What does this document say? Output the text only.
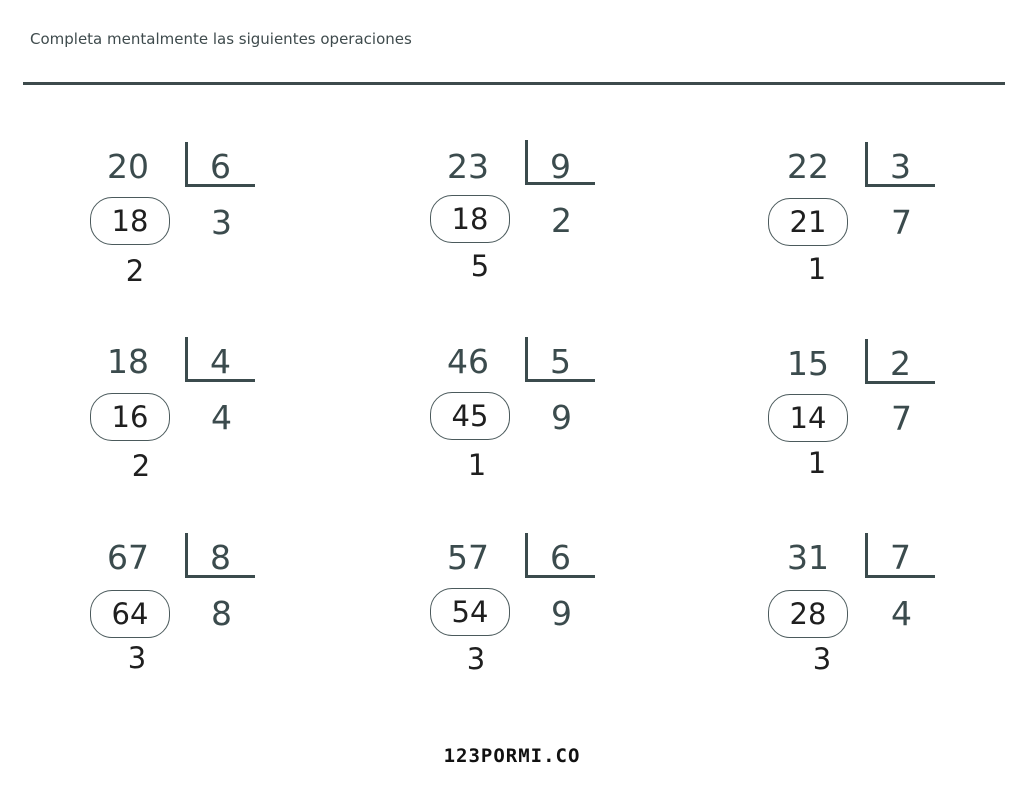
Completa mentalmente las siguientes operaciones
20 6
18	3
2
23 9
18	2
5
22 3
21	7
1
18 4
16	4
2
46 5
45	9
1
15 2
14	7
1
67 8
64	8
3
57 6
54	9
3
31 7
28	4
3
123PORMI.CO
